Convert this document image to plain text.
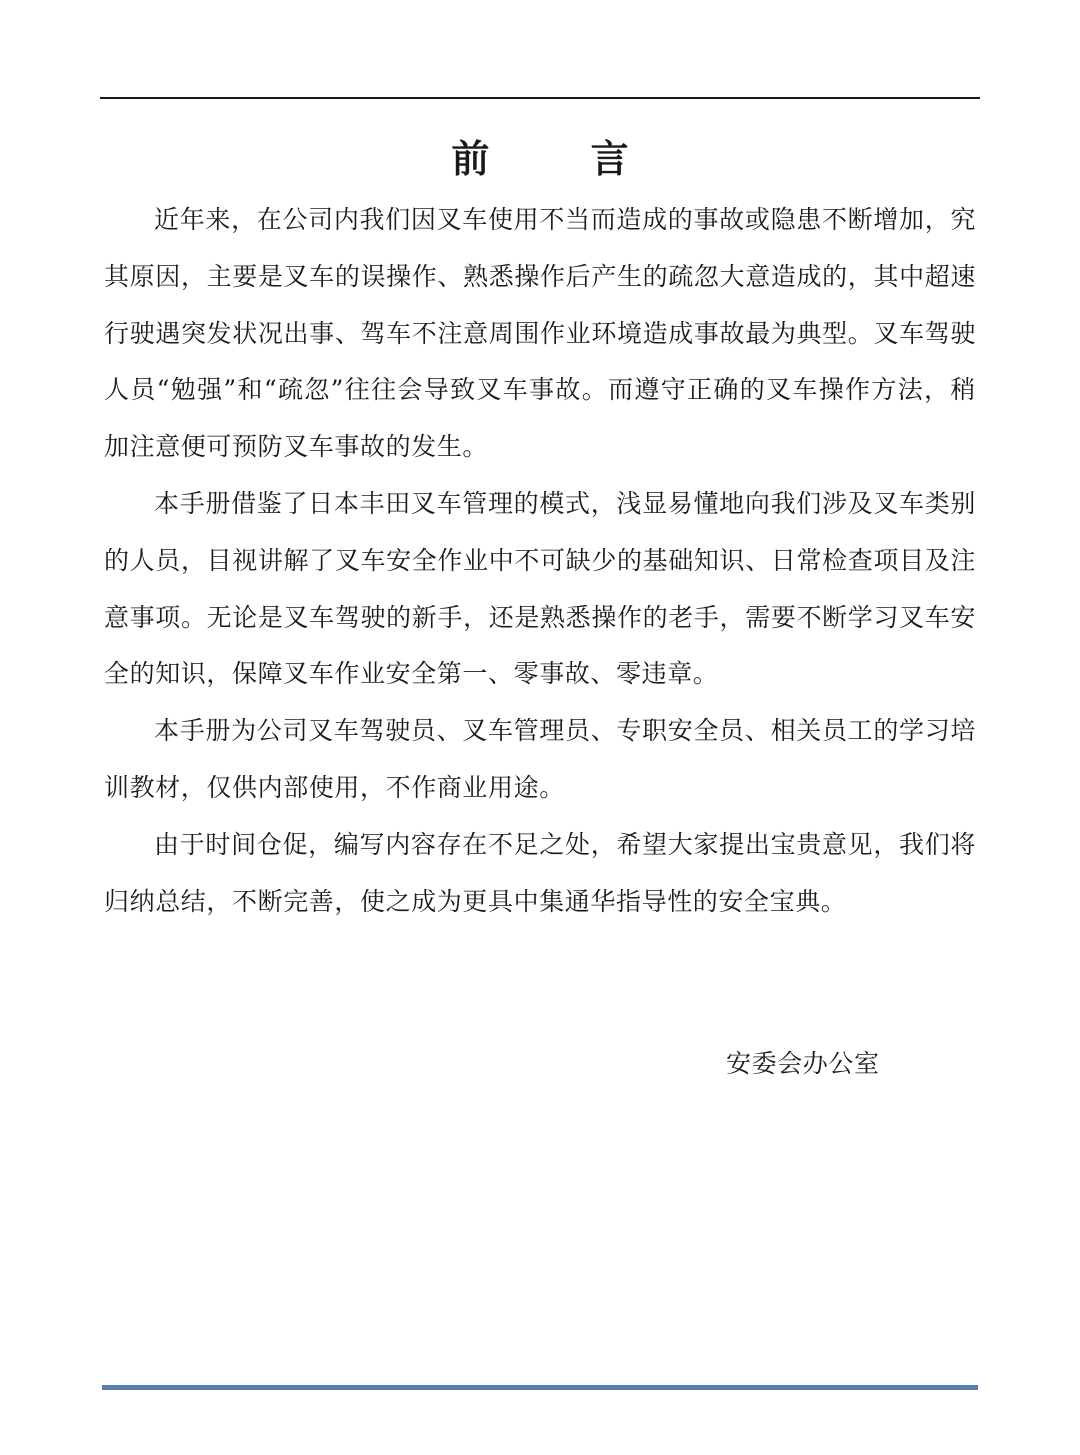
前 言

近年来，在公司内我们因叉车使用不当而造成的事故或隐患不断增加，究其原因，主要是叉车的误操作、熟悉操作后产生的疏忽大意造成的，其中超速行驶遇突发状况出事、驾车不注意周围作业环境造成事故最为典型。叉车驾驶人员“勉强”和“疏忽”往往会导致叉车事故。而遵守正确的叉车操作方法，稍加注意便可预防叉车事故的发生。

本手册借鉴了日本丰田叉车管理的模式，浅显易懂地向我们涉及叉车类别的人员，目视讲解了叉车安全作业中不可缺少的基础知识、日常检查项目及注意事项。无论是叉车驾驶的新手，还是熟悉操作的老手，需要不断学习叉车安全的知识，保障叉车作业安全第一、零事故、零违章。

本手册为公司叉车驾驶员、叉车管理员、专职安全员、相关员工的学习培训教材，仅供内部使用，不作商业用途。

由于时间仓促，编写内容存在不足之处，希望大家提出宝贵意见，我们将归纳总结，不断完善，使之成为更具中集通华指导性的安全宝典。

安委会办公室
